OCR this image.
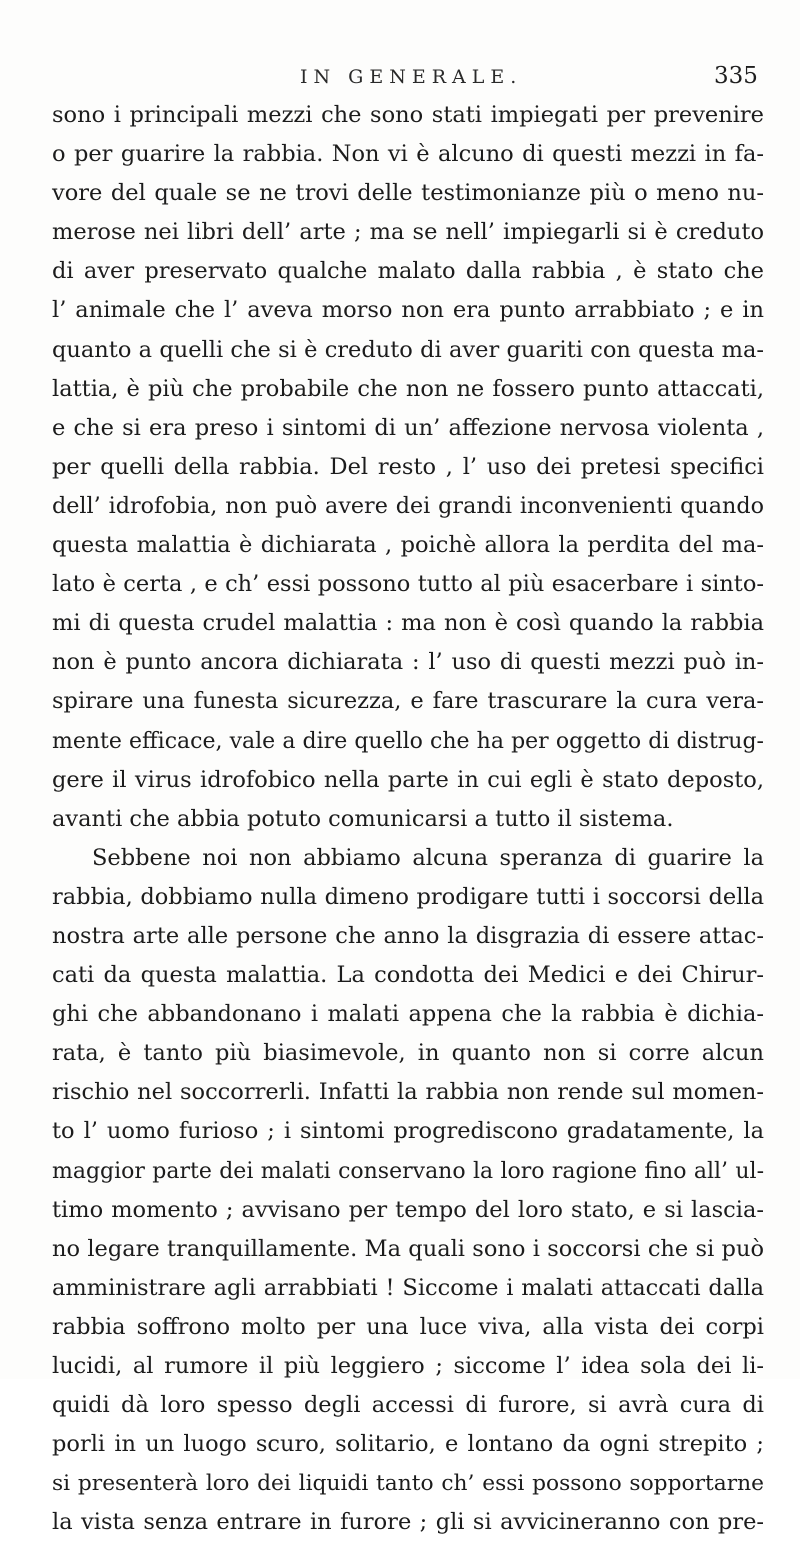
IN GENERALE.	335
sono i principali mezzi che sono stati impiegati per prevenire
o per guarire la rabbia. Non vi è alcuno di questi mezzi in fa-
vore del quale se ne trovi delle testimonianze più o meno nu-
merose nei libri dell’ arte ; ma se nell’ impiegarli si è creduto
di aver preservato qualche malato dalla rabbia , è stato che
l’ animale che l’ aveva morso non era punto arrabbiato ; e in
quanto a quelli che si è creduto di aver guariti con questa ma-
lattia, è più che probabile che non ne fossero punto attaccati,
e che si era preso i sintomi di un’ affezione nervosa violenta ,
per quelli della rabbia. Del resto , l’ uso dei pretesi specifici
dell’ idrofobia, non può avere dei grandi inconvenienti quando
questa malattia è dichiarata , poichè allora la perdita del ma-
lato è certa , e ch’ essi possono tutto al più esacerbare i sinto-
mi di questa crudel malattia : ma non è così quando la rabbia
non è punto ancora dichiarata : l’ uso di questi mezzi può in-
spirare una funesta sicurezza, e fare trascurare la cura vera-
mente efficace, vale a dire quello che ha per oggetto di distrug-
gere il virus idrofobico nella parte in cui egli è stato deposto,
avanti che abbia potuto comunicarsi a tutto il sistema.
Sebbene noi non abbiamo alcuna speranza di guarire la
rabbia, dobbiamo nulla dimeno prodigare tutti i soccorsi della
nostra arte alle persone che anno la disgrazia di essere attac-
cati da questa malattia. La condotta dei Medici e dei Chirur-
ghi che abbandonano i malati appena che la rabbia è dichia-
rata, è tanto più biasimevole, in quanto non si corre alcun
rischio nel soccorrerli. Infatti la rabbia non rende sul momen-
to l’ uomo furioso ; i sintomi progrediscono gradatamente, la
maggior parte dei malati conservano la loro ragione fino all’ ul-
timo momento ; avvisano per tempo del loro stato, e si lascia-
no legare tranquillamente. Ma quali sono i soccorsi che si può
amministrare agli arrabbiati ! Siccome i malati attaccati dalla
rabbia soffrono molto per una luce viva, alla vista dei corpi
lucidi, al rumore il più leggiero ; siccome l’ idea sola dei li-
quidi dà loro spesso degli accessi di furore, si avrà cura di
porli in un luogo scuro, solitario, e lontano da ogni strepito ;
si presenterà loro dei liquidi tanto ch’ essi possono sopportarne
la vista senza entrare in furore ; gli si avvicineranno con pre-
